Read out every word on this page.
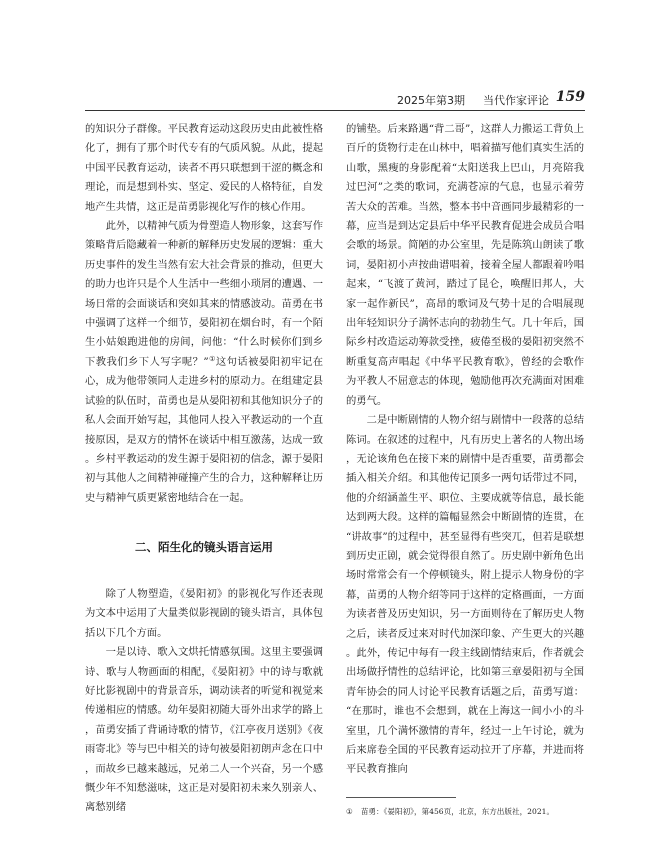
2025年第3期 当代作家评论 159

的知识分子群像。平民教育运动这段历史由此被性格化了，拥有了那个时代专有的气质风貌。从此，提起中国平民教育运动，读者不再只联想到干涩的概念和理论，而是想到朴实、坚定、爱民的人格特征，自发地产生共情，这正是苗勇影视化写作的核心作用。

此外，以精神气质为骨塑造人物形象，这套写作策略背后隐藏着一种新的解释历史发展的逻辑：重大历史事件的发生当然有宏大社会背景的推动，但更大的助力也许只是个人生活中一些细小琐屑的遭遇、一场日常的会面谈话和突如其来的情感波动。苗勇在书中强调了这样一个细节，晏阳初在烟台时，有一个陌生小姑娘跑进他的房间，问他：“什么时候你们到乡下教我们乡下人写字呢？”①这句话被晏阳初牢记在心，成为他带领同人走进乡村的原动力。在组建定县试验的队伍时，苗勇也是从晏阳初和其他知识分子的私人会面开始写起，其他同人投入平教运动的一个直接原因，是双方的情怀在谈话中相互激荡，达成一致。乡村平教运动的发生源于晏阳初的信念，源于晏阳初与其他人之间精神碰撞产生的合力，这种解释让历史与精神气质更紧密地结合在一起。

二、陌生化的镜头语言运用

除了人物塑造，《晏阳初》的影视化写作还表现为文本中运用了大量类似影视剧的镜头语言，具体包括以下几个方面。

一是以诗、歌入文烘托情感氛围。这里主要强调诗、歌与人物画面的相配，《晏阳初》中的诗与歌就好比影视剧中的背景音乐，调动读者的听觉和视觉来传递相应的情感。幼年晏阳初随大哥外出求学的路上，苗勇安插了背诵诗歌的情节，《江亭夜月送别》《夜雨寄北》等与巴中相关的诗句被晏阳初朗声念在口中，而故乡已越来越远，兄弟二人一个兴奋，另一个感慨少年不知愁滋味，这正是对晏阳初未来久别亲人、离愁别绪

的铺垫。后来路遇“背二哥”，这群人力搬运工背负上百斤的货物行走在山林中，唱着描写他们真实生活的山歌，黑瘦的身影配着“太阳送我上巴山，月亮陪我过巴河”之类的歌词，充满苍凉的气息，也显示着劳苦大众的苦难。当然，整本书中音画同步最精彩的一幕，应当是到达定县后中华平民教育促进会成员合唱会歌的场景。简陋的办公室里，先是陈筑山朗读了歌词，晏阳初小声按曲谱唱着，接着全屋人都跟着吟唱起来，“飞渡了黄河，踏过了昆仑，唤醒旧邦人，大家一起作新民”，高昂的歌词及气势十足的合唱展现出年轻知识分子满怀志向的勃勃生气。几十年后，国际乡村改造运动筹款受挫，疲倦至极的晏阳初突然不断重复高声唱起《中华平民教育歌》，曾经的会歌作为平教人不屈意志的体现，勉励他再次充满面对困难的勇气。

二是中断剧情的人物介绍与剧情中一段落的总结陈词。在叙述的过程中，凡有历史上著名的人物出场，无论该角色在接下来的剧情中是否重要，苗勇都会插入相关介绍。和其他传记顶多一两句话带过不同，他的介绍涵盖生平、职位、主要成就等信息，最长能达到两大段。这样的篇幅显然会中断剧情的连贯，在“讲故事”的过程中，甚至显得有些突兀，但若是联想到历史正剧，就会觉得很自然了。历史剧中新角色出场时常常会有一个停顿镜头，附上提示人物身份的字幕，苗勇的人物介绍等同于这样的定格画面，一方面为读者普及历史知识，另一方面则待在了解历史人物之后，读者反过来对时代加深印象、产生更大的兴趣。此外，传记中每有一段主线剧情结束后，作者就会出场做抒情性的总结评论，比如第三章晏阳初与全国青年协会的同人讨论平民教育话题之后，苗勇写道：“在那时，谁也不会想到，就在上海这一间小小的斗室里，几个满怀激情的青年，经过一上午讨论，就为后来席卷全国的平民教育运动拉开了序幕，并进而将平民教育推向

① 苗勇：《晏阳初》，第456页，北京，东方出版社，2021。
